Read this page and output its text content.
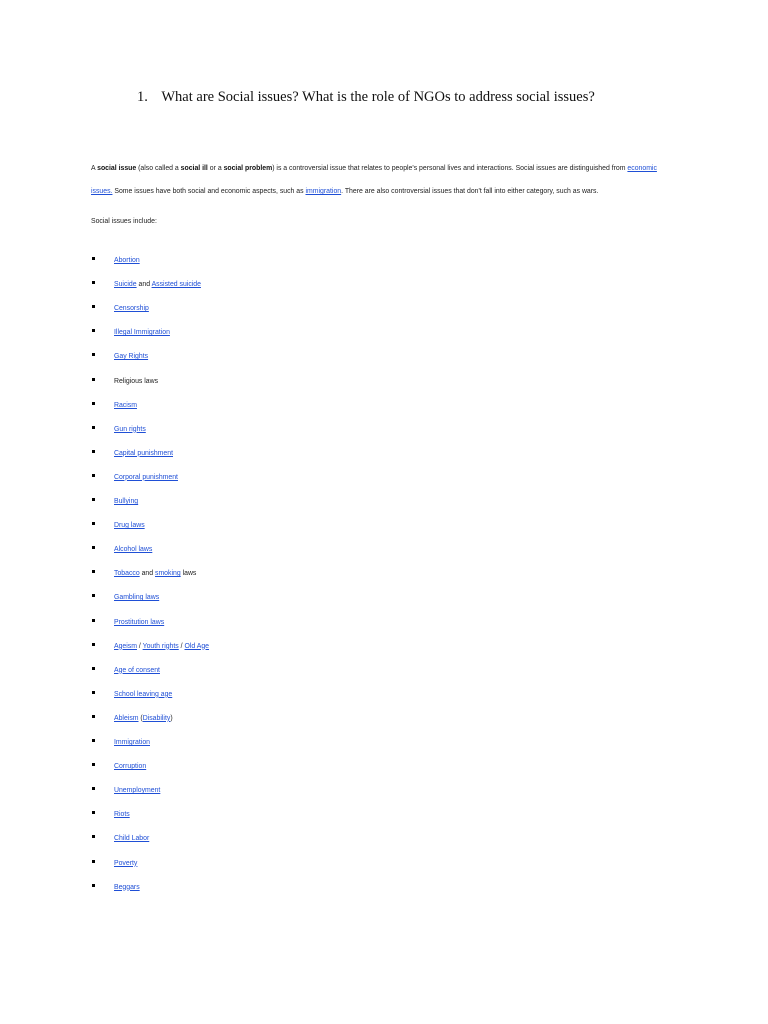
1. What are Social issues? What is the role of NGOs to address social issues?
A social issue (also called a social ill or a social problem) is a controversial issue that relates to people's personal lives and interactions. Social issues are distinguished from economic
issues. Some issues have both social and economic aspects, such as immigration. There are also controversial issues that don't fall into either category, such as wars.
Social issues include:
Abortion
Suicide and Assisted suicide
Censorship
Illegal Immigration
Gay Rights
Religious laws
Racism
Gun rights
Capital punishment
Corporal punishment
Bullying
Drug laws
Alcohol laws
Tobacco and smoking laws
Gambling laws
Prostitution laws
Ageism / Youth rights / Old Age
Age of consent
School leaving age
Ableism (Disability)
Immigration
Corruption
Unemployment
Riots
Child Labor
Poverty
Beggars
